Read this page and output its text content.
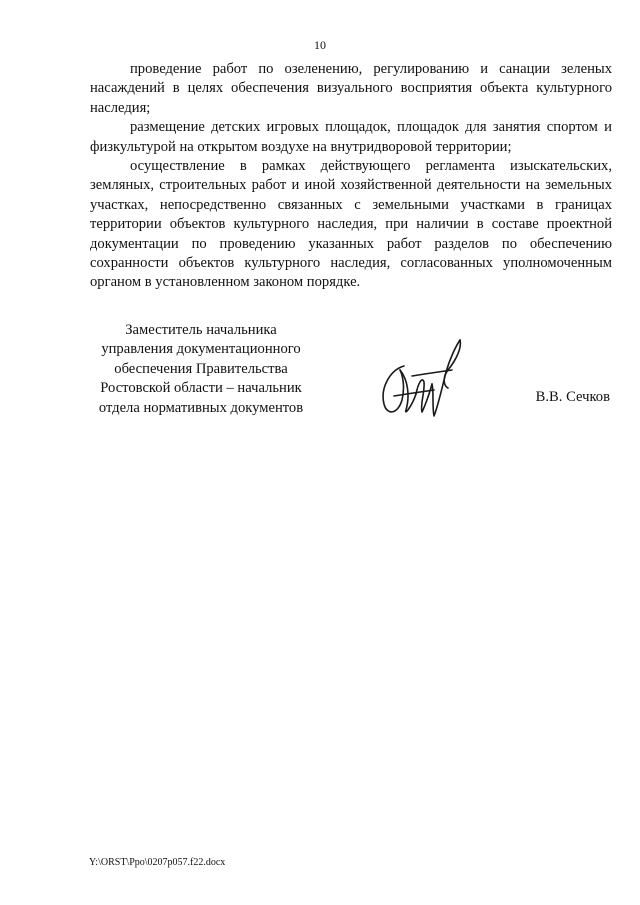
10

проведение работ по озеленению, регулированию и санации зеленых насаждений в целях обеспечения визуального восприятия объекта культурного наследия;

размещение детских игровых площадок, площадок для занятия спортом и физкультурой на открытом воздухе на внутридворовой территории;

осуществление в рамках действующего регламента изыскательских, земляных, строительных работ и иной хозяйственной деятельности на земельных участках, непосредственно связанных с земельными участками в границах территории объектов культурного наследия, при наличии в составе проектной документации по проведению указанных работ разделов по обеспечению сохранности объектов культурного наследия, согласованных уполномоченным органом в установленном законом порядке.

Заместитель начальника
управления документационного
обеспечения Правительства
Ростовской области – начальник
отдела нормативных документов
В.В. Сечков
Y:\ORST\Ppo\0207p057.f22.docx
